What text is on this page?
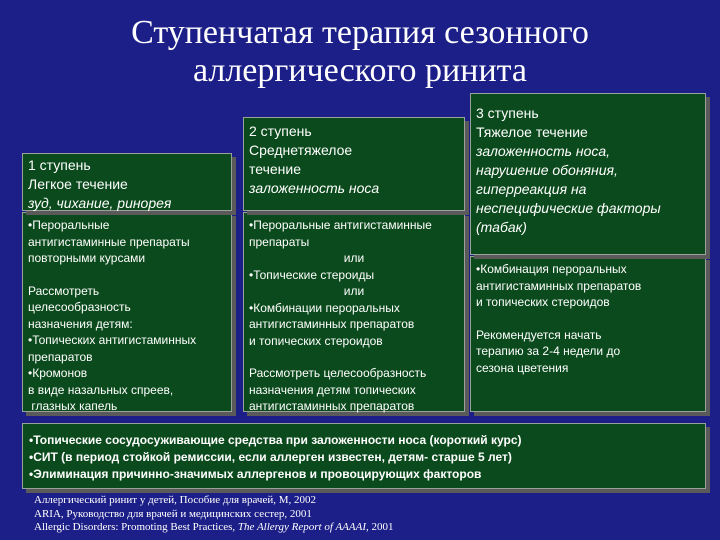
Ступенчатая терапия сезонного
аллергического ринита
•Пероральные
антигистаминные препараты
повторными курсами
Рассмотреть
целесообразность
назначения детям:
•Топических антигистаминных
препаратов
•Кромонов
в виде назальных спреев,
глазных капель
1 ступень
Легкое течение
зуд, чихание, ринорея
•Пероральные антигистаминные
препараты
или
•Топические стероиды
или
•Комбинации пероральных
антигистаминных препаратов
и топических стероидов
Рассмотреть целесообразность
назначения детям топических
антигистаминных препаратов
2 ступень
Среднетяжелое
течение
заложенность носа
•Комбинация пероральных
антигистаминных препаратов
и топических стероидов
Рекомендуется начать
терапию за 2-4 недели до
сезона цветения
3 ступень
Тяжелое течение
заложенность носа,
нарушение обоняния,
гиперреакция на
неспецифические факторы
(табак)
•Топические сосудосуживающие средства при заложенности носа (короткий курс)
•СИТ (в период стойкой ремиссии, если аллерген известен, детям- старше 5 лет)
•Элиминация причинно-значимых аллергенов и провоцирующих факторов
Аллергический ринит у детей, Пособие для врачей, М, 2002
ARIA, Руководство для врачей и медицинских сестер, 2001
Allergic Disorders: Promoting Best Practices, The Allergy Report of AAAAI, 2001
